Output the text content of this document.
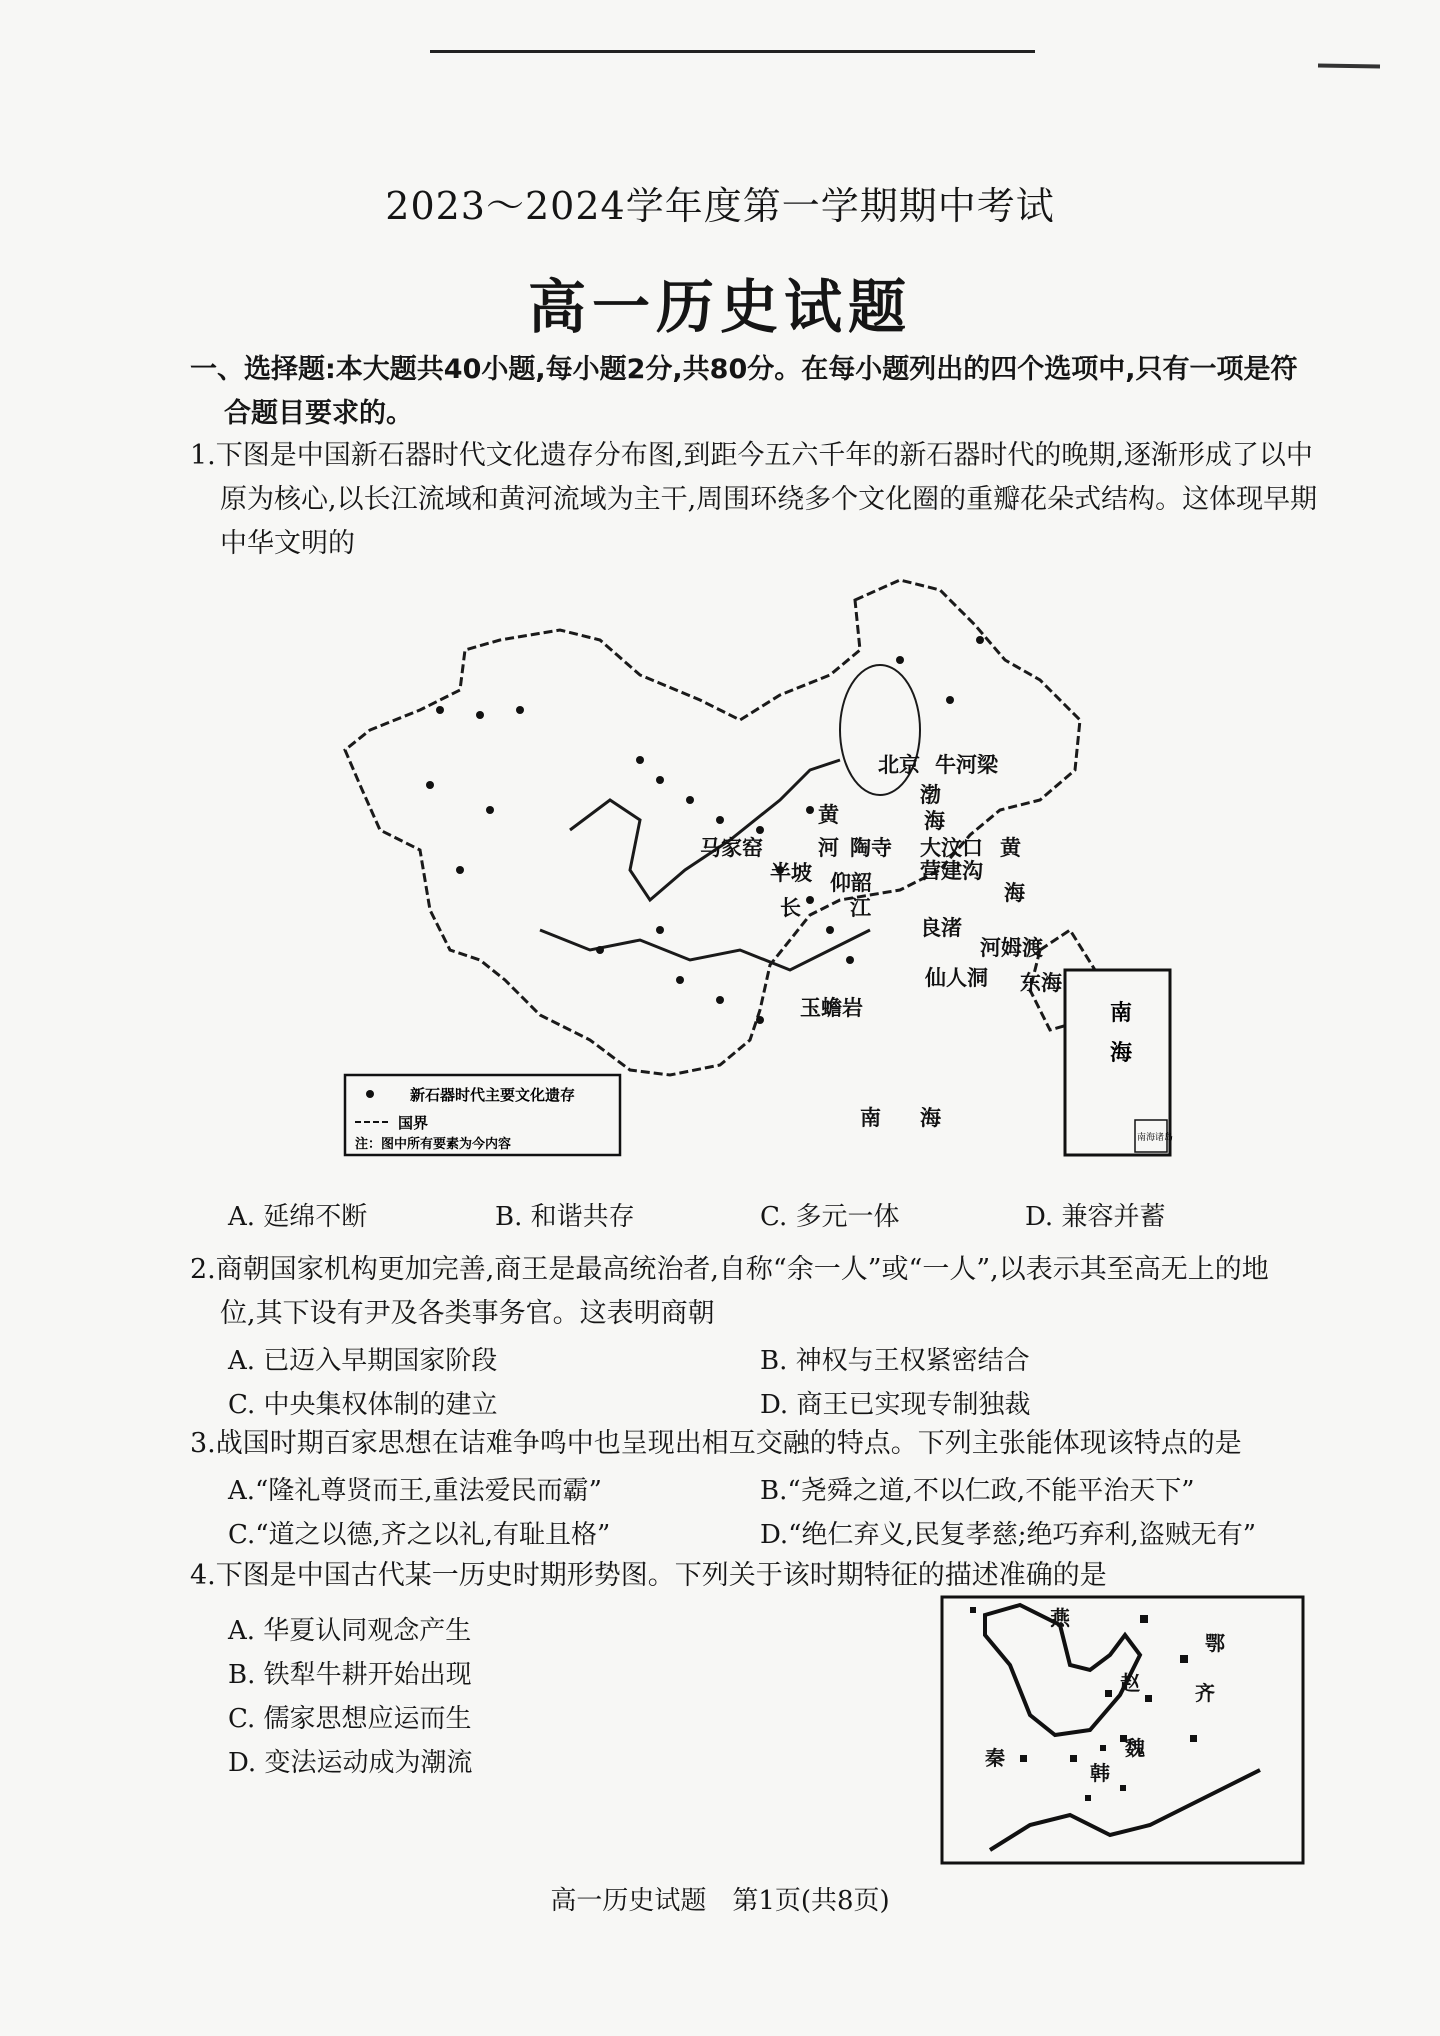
2023～2024学年度第一学期期中考试
高一历史试题
一、选择题:本大题共40小题,每小题2分,共80分。在每小题列出的四个选项中,只有一项是符
合题目要求的。
1.下图是中国新石器时代文化遗存分布图,到距今五六千年的新石器时代的晚期,逐渐形成了以中
原为核心,以长江流域和黄河流域为主干,周围环绕多个文化圈的重瓣花朵式结构。这体现早期
中华文明的
北京 牛河梁
渤
海
黄
河 陶寺 大汶口 黄
海
马家窑
半坡 仰韶 营建沟
长 江
良渚
河姆渡
仙人洞 东海
玉蟾岩
南 海
新石器时代主要文化遗存
国界
注：图中所有要素为今内容
南
海
南海诸岛
A. 延绵不断	B. 和谐共存	C. 多元一体	D. 兼容并蓄
2.商朝国家机构更加完善,商王是最高统治者,自称“余一人”或“一人”,以表示其至高无上的地
位,其下设有尹及各类事务官。这表明商朝
A. 已迈入早期国家阶段	B. 神权与王权紧密结合
C. 中央集权体制的建立	D. 商王已实现专制独裁
3.战国时期百家思想在诘难争鸣中也呈现出相互交融的特点。下列主张能体现该特点的是
A.“隆礼尊贤而王,重法爱民而霸”	B.“尧舜之道,不以仁政,不能平治天下”
C.“道之以德,齐之以礼,有耻且格”	D.“绝仁弃义,民复孝慈;绝巧弃利,盗贼无有”
4.下图是中国古代某一历史时期形势图。下列关于该时期特征的描述准确的是
A. 华夏认同观念产生
B. 铁犁牛耕开始出现
C. 儒家思想应运而生
D. 变法运动成为潮流
燕
齐
赵
魏
韩
秦
鄂
高一历史试题　第1页(共8页)
